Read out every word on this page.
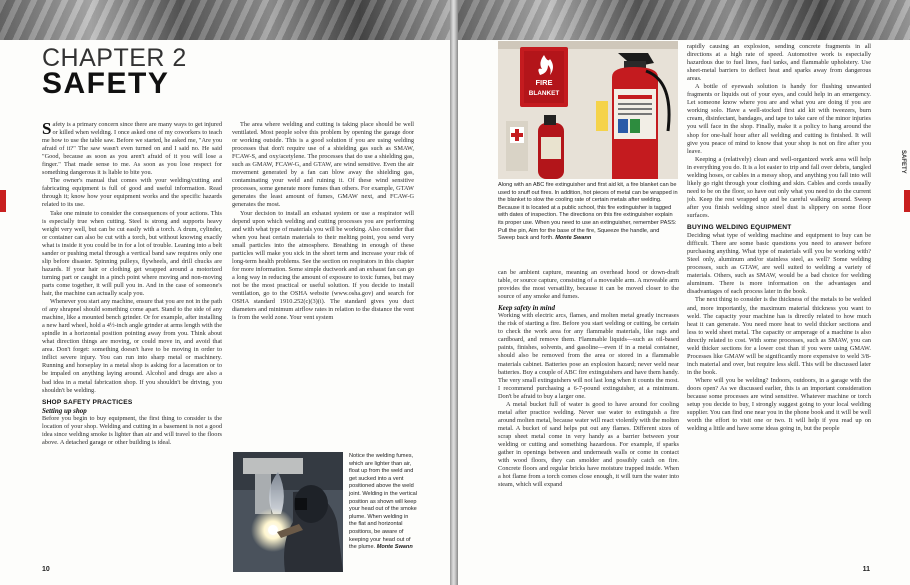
CHAPTER 2
SAFETY

Safety is a primary concern since there are many ways to get injured or killed when welding. I once asked one of my coworkers to teach me how to use the table saw. Before we started, he asked me, "Are you afraid of it?" The saw wasn't even turned on and I said no. He said "Good, because as soon as you aren't afraid of it you will lose a finger." That made sense to me. As soon as you lose respect for something dangerous it is liable to bite you.

The owner's manual that comes with your welding/cutting and fabricating equipment is full of good and useful information. Read through it; know how your equipment works and the specific hazards related to its use.

Take one minute to consider the consequences of your actions. This is especially true when cutting. Steel is strong and supports heavy weight very well, but can be cut easily with a torch. A drum, cylinder, or container can also be cut with a torch, but without knowing exactly what is inside it you could be in for a lot of trouble. Leaning into a belt sander or pushing metal through a vertical band saw requires only one slip before disaster. Spinning pulleys, flywheels, and drill chucks are hazards. If your hair or clothing get wrapped around a motorized turning part or caught in a pinch point where moving and non-moving parts come together, it will pull you in. And in the case of someone's hair, the machine can actually scalp you.

Whenever you start any machine, ensure that you are not in the path of any shrapnel should something come apart. Stand to the side of any machine, like a mounted bench grinder. Or for example, after installing a new hard wheel, hold a 4½-inch angle grinder at arms length with the spindle in a horizontal position pointing away from you. Think about what direction things are moving, or could move in, and avoid that area. Don't forget: something doesn't have to be moving in order to inflict severe injury. You can run into sharp metal or machinery. Running and horseplay in a metal shop is asking for a laceration or to be impaled on anything laying around. Alcohol and drugs are also a bad idea in a metal fabrication shop. If you shouldn't be driving, you shouldn't be welding.

SHOP SAFETY PRACTICES
Setting up shop

Before you begin to buy equipment, the first thing to consider is the location of your shop. Welding and cutting in a basement is not a good idea since welding smoke is lighter than air and will travel to the floors above. A detached garage or other building is ideal.

The area where welding and cutting is taking place should be well ventilated. Most people solve this problem by opening the garage door or working outside. This is a good solution if you are using welding processes that don't require use of a shielding gas such as SMAW, FCAW-S, and oxy/acetylene. The processes that do use a shielding gas, such as GMAW, FCAW-G, and GTAW, are wind sensitive. Even the air movement generated by a fan can blow away the shielding gas, contaminating your weld and ruining it. Of these wind sensitive processes, some generate more fumes than others. For example, GTAW generates the least amount of fumes, GMAW next, and FCAW-G generates the most.

Your decision to install an exhaust system or use a respirator will depend upon which welding and cutting processes you are performing and with what type of materials you will be working. Also consider that when you heat certain materials to their melting point, you send very small particles into the atmosphere. Breathing in enough of these particles will make you sick in the short term and increase your risk of long-term health problems. See the section on respirators in this chapter for more information. Some simple ductwork and an exhaust fan can go a long way in reducing the amount of exposure to toxic fumes, but may not be the most practical or useful solution. If you decide to install ventilation, go to the OSHA website (www.osha.gov) and search for OSHA standard 1910.252(c)(3)(i). The standard gives you duct diameters and minimum airflow rates in relation to the distance the vent is from the weld zone. Your vent system

Notice the welding fumes, which are lighter than air, float up from the weld and get sucked into a vent positioned above the weld joint. Welding in the vertical position as shown will keep your head out of the smoke plume. When welding in the flat and horizontal positions, be aware of keeping your head out of the plume. Monte Swann
10
SAFETY
FIRE
BLANKET
Along with an ABC fire extinguisher and first aid kit, a fire blanket can be used to snuff out fires. In addition, hot pieces of metal can be wrapped in the blanket to slow the cooling rate of certain metals after welding. Because it is located at a public school, this fire extinguisher is tagged with dates of inspection. The directions on this fire extinguisher explain its proper use. When you need to use an extinguisher, remember PASS: Pull the pin, Aim for the base of the fire, Squeeze the handle, and Sweep back and forth. Monte Swann

can be ambient capture, meaning an overhead hood or down-draft table, or source capture, consisting of a moveable arm. A moveable arm provides the most versatility, because it can be moved closer to the source of any smoke and fumes.

Keep safety in mind

Working with electric arcs, flames, and molten metal greatly increases the risk of starting a fire. Before you start welding or cutting, be certain to check the work area for any flammable materials, like rags and cardboard, and remove them. Flammable liquids—such as oil-based paints, finishes, solvents, and gasoline—even if in a metal container, should also be removed from the area or stored in a flammable materials cabinet. Batteries pose an explosion hazard; never weld near batteries. Buy a couple of ABC fire extinguishers and have them handy. The very small extinguishers will not last long when it counts the most. I recommend purchasing a 6-7-pound extinguisher, at a minimum. Don't be afraid to buy a larger one.

A metal bucket full of water is good to have around for cooling metal after practice welding. Never use water to extinguish a fire around molten metal, because water will react violently with the molten metal. A bucket of sand helps put out any flames. Different sizes of scrap sheet metal come in very handy as a barrier between your welding or cutting and something hazardous. For example, if sparks gather in openings between and underneath walls or come in contact with wood floors, they can smolder and possibly catch on fire. Concrete floors and regular bricks have moisture trapped inside. When a hot flame from a torch comes close enough, it will turn the water into steam, which will expand

rapidly causing an explosion, sending concrete fragments in all directions at a high rate of speed. Automotive work is especially hazardous due to fuel lines, fuel tanks, and flammable upholstery. Use sheet-metal barriers to deflect heat and sparks away from dangerous areas.

A bottle of eyewash solution is handy for flushing unwanted fragments or liquids out of your eyes, and could help in an emergency. Let someone know where you are and what you are doing if you are working solo. Have a well-stocked first aid kit with tweezers, burn cream, disinfectant, bandages, and tape to take care of the minor injuries you will face in the shop. Finally, make it a policy to hang around the shop for one-half hour after all welding and cutting is finished. It will give you peace of mind to know that your shop is not on fire after you leave.

Keeping a (relatively) clean and well-organized work area will help in everything you do. It is a lot easier to trip and fall over debris, tangled welding hoses, or cables in a messy shop, and anything you fall into will likely go right through your clothing and skin. Cables and cords usually need to be on the floor, so have out only what you need to do the current job. Keep the rest wrapped up and be careful walking around. Sweep after you finish welding since steel dust is slippery on some floor surfaces.

BUYING WELDING EQUIPMENT

Deciding what type of welding machine and equipment to buy can be difficult. There are some basic questions you need to answer before purchasing anything. What type of materials will you be working with? Steel only, aluminum and/or stainless steel, as well? Some welding processes, such as GTAW, are well suited to welding a variety of materials. Others, such as SMAW, would be a bad choice for welding aluminum. There is more information on the advantages and disadvantages of each process later in the book.

The next thing to consider is the thickness of the metals to be welded and, more importantly, the maximum material thickness you want to weld. The capacity your machine has is directly related to how much heat it can generate. You need more heat to weld thicker sections and less to weld sheet metal. The capacity or amperage of a machine is also directly related to cost. With some processes, such as SMAW, you can weld thicker sections for a lower cost than if you were using GMAW. Processes like GMAW will be significantly more expensive to weld 3/8-inch material and over, but require less skill. This will be discussed later in the book.

Where will you be welding? Indoors, outdoors, in a garage with the doors open? As we discussed earlier, this is an important consideration because some processes are wind sensitive. Whatever machine or torch setup you decide to buy, I strongly suggest going to your local welding supplier. You can find one near you in the phone book and it will be well worth the effort to visit one or two. It will help if you read up on welding a little and have some ideas going in, but the people

11
